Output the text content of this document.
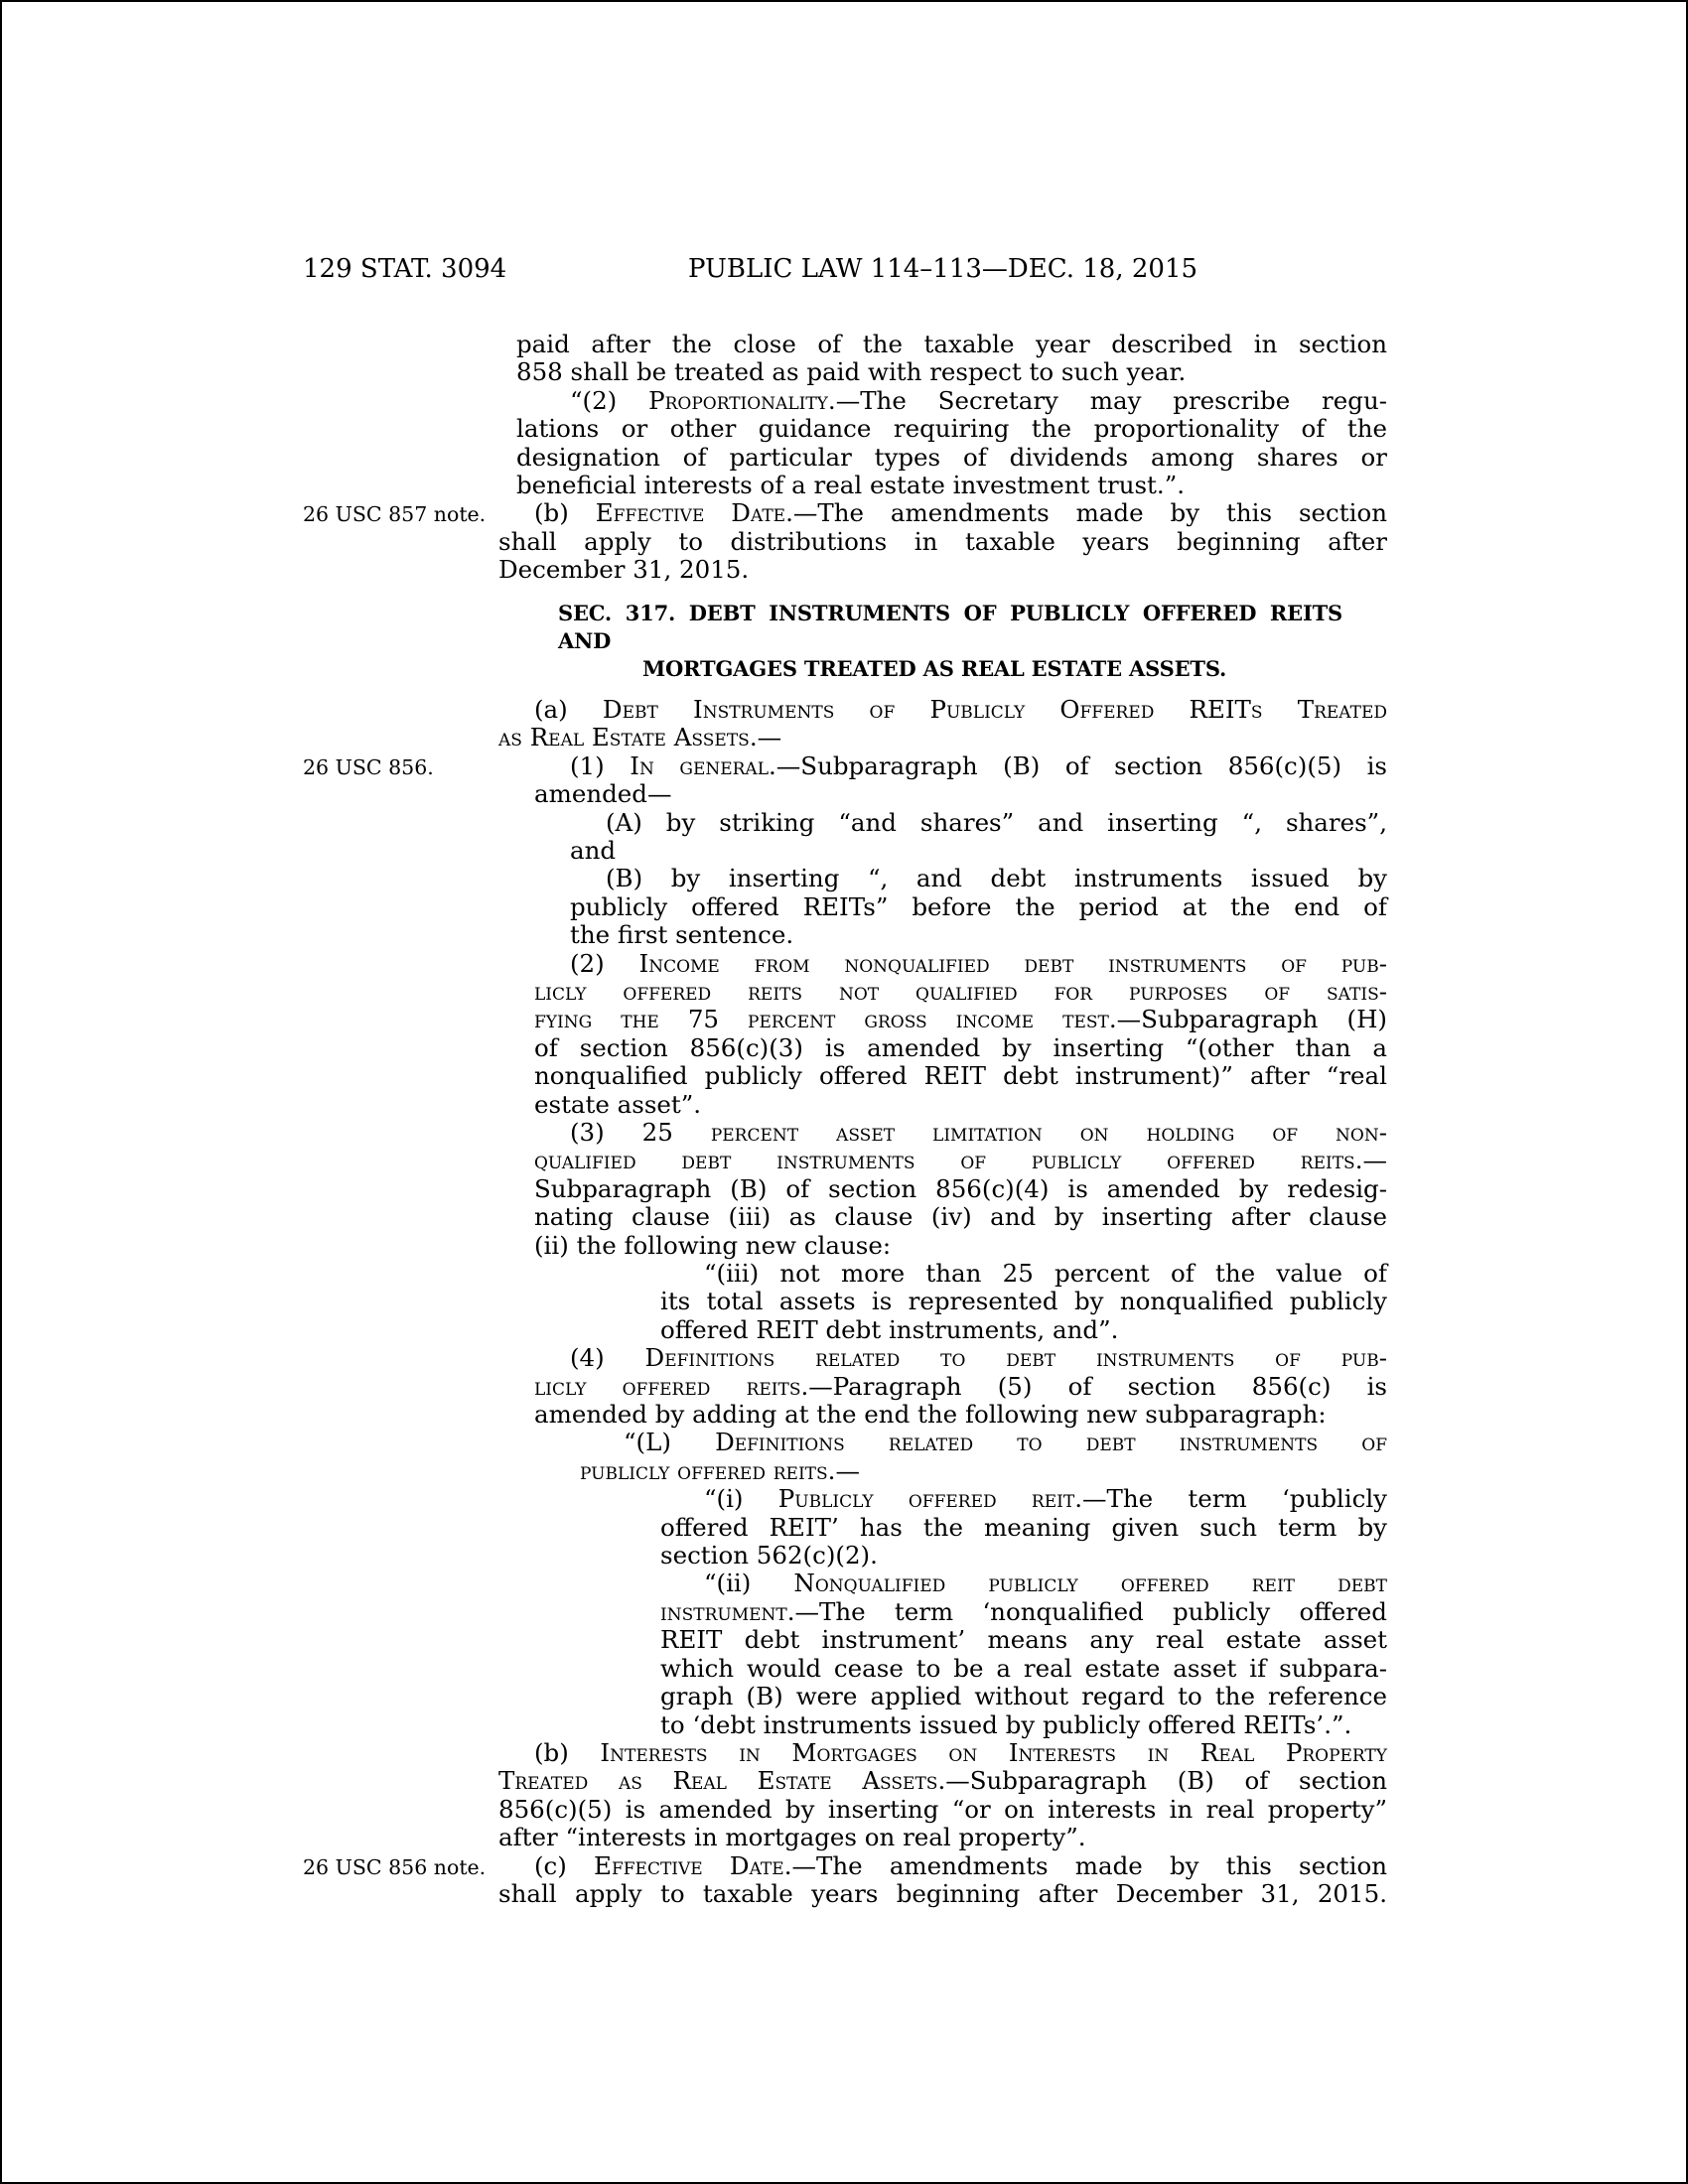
129 STAT. 3094	PUBLIC LAW 114–113—DEC. 18, 2015
paid after the close of the taxable year described in section
858 shall be treated as paid with respect to such year.
“(2) Proportionality.—The Secretary may prescribe regu-
lations or other guidance requiring the proportionality of the
designation of particular types of dividends among shares or
beneficial interests of a real estate investment trust.”.
26 USC 857 note.	(b) Effective Date.—The amendments made by this section
shall apply to distributions in taxable years beginning after
December 31, 2015.
SEC. 317. DEBT INSTRUMENTS OF PUBLICLY OFFERED REITS AND
MORTGAGES TREATED AS REAL ESTATE ASSETS.
(a) Debt Instruments of Publicly Offered REITs Treated
as Real Estate Assets.—
26 USC 856.	(1) In general.—Subparagraph (B) of section 856(c)(5) is
amended—
(A) by striking “and shares” and inserting “, shares”,
and
(B) by inserting “, and debt instruments issued by
publicly offered REITs” before the period at the end of
the first sentence.
(2) Income from nonqualified debt instruments of pub-
licly offered reits not qualified for purposes of satis-
fying the 75 percent gross income test.—Subparagraph (H)
of section 856(c)(3) is amended by inserting “(other than a
nonqualified publicly offered REIT debt instrument)” after “real
estate asset”.
(3) 25 percent asset limitation on holding of non-
qualified debt instruments of publicly offered reits.—
Subparagraph (B) of section 856(c)(4) is amended by redesig-
nating clause (iii) as clause (iv) and by inserting after clause
(ii) the following new clause:
“(iii) not more than 25 percent of the value of
its total assets is represented by nonqualified publicly
offered REIT debt instruments, and”.
(4) Definitions related to debt instruments of pub-
licly offered reits.—Paragraph (5) of section 856(c) is
amended by adding at the end the following new subparagraph:
“(L) Definitions related to debt instruments of
publicly offered reits.—
“(i) Publicly offered reit.—The term ‘publicly
offered REIT’ has the meaning given such term by
section 562(c)(2).
“(ii) Nonqualified publicly offered reit debt
instrument.—The term ‘nonqualified publicly offered
REIT debt instrument’ means any real estate asset
which would cease to be a real estate asset if subpara-
graph (B) were applied without regard to the reference
to ‘debt instruments issued by publicly offered REITs’.”.
(b) Interests in Mortgages on Interests in Real Property
Treated as Real Estate Assets.—Subparagraph (B) of section
856(c)(5) is amended by inserting “or on interests in real property”
after “interests in mortgages on real property”.
26 USC 856 note.	(c) Effective Date.—The amendments made by this section
shall apply to taxable years beginning after December 31, 2015.
